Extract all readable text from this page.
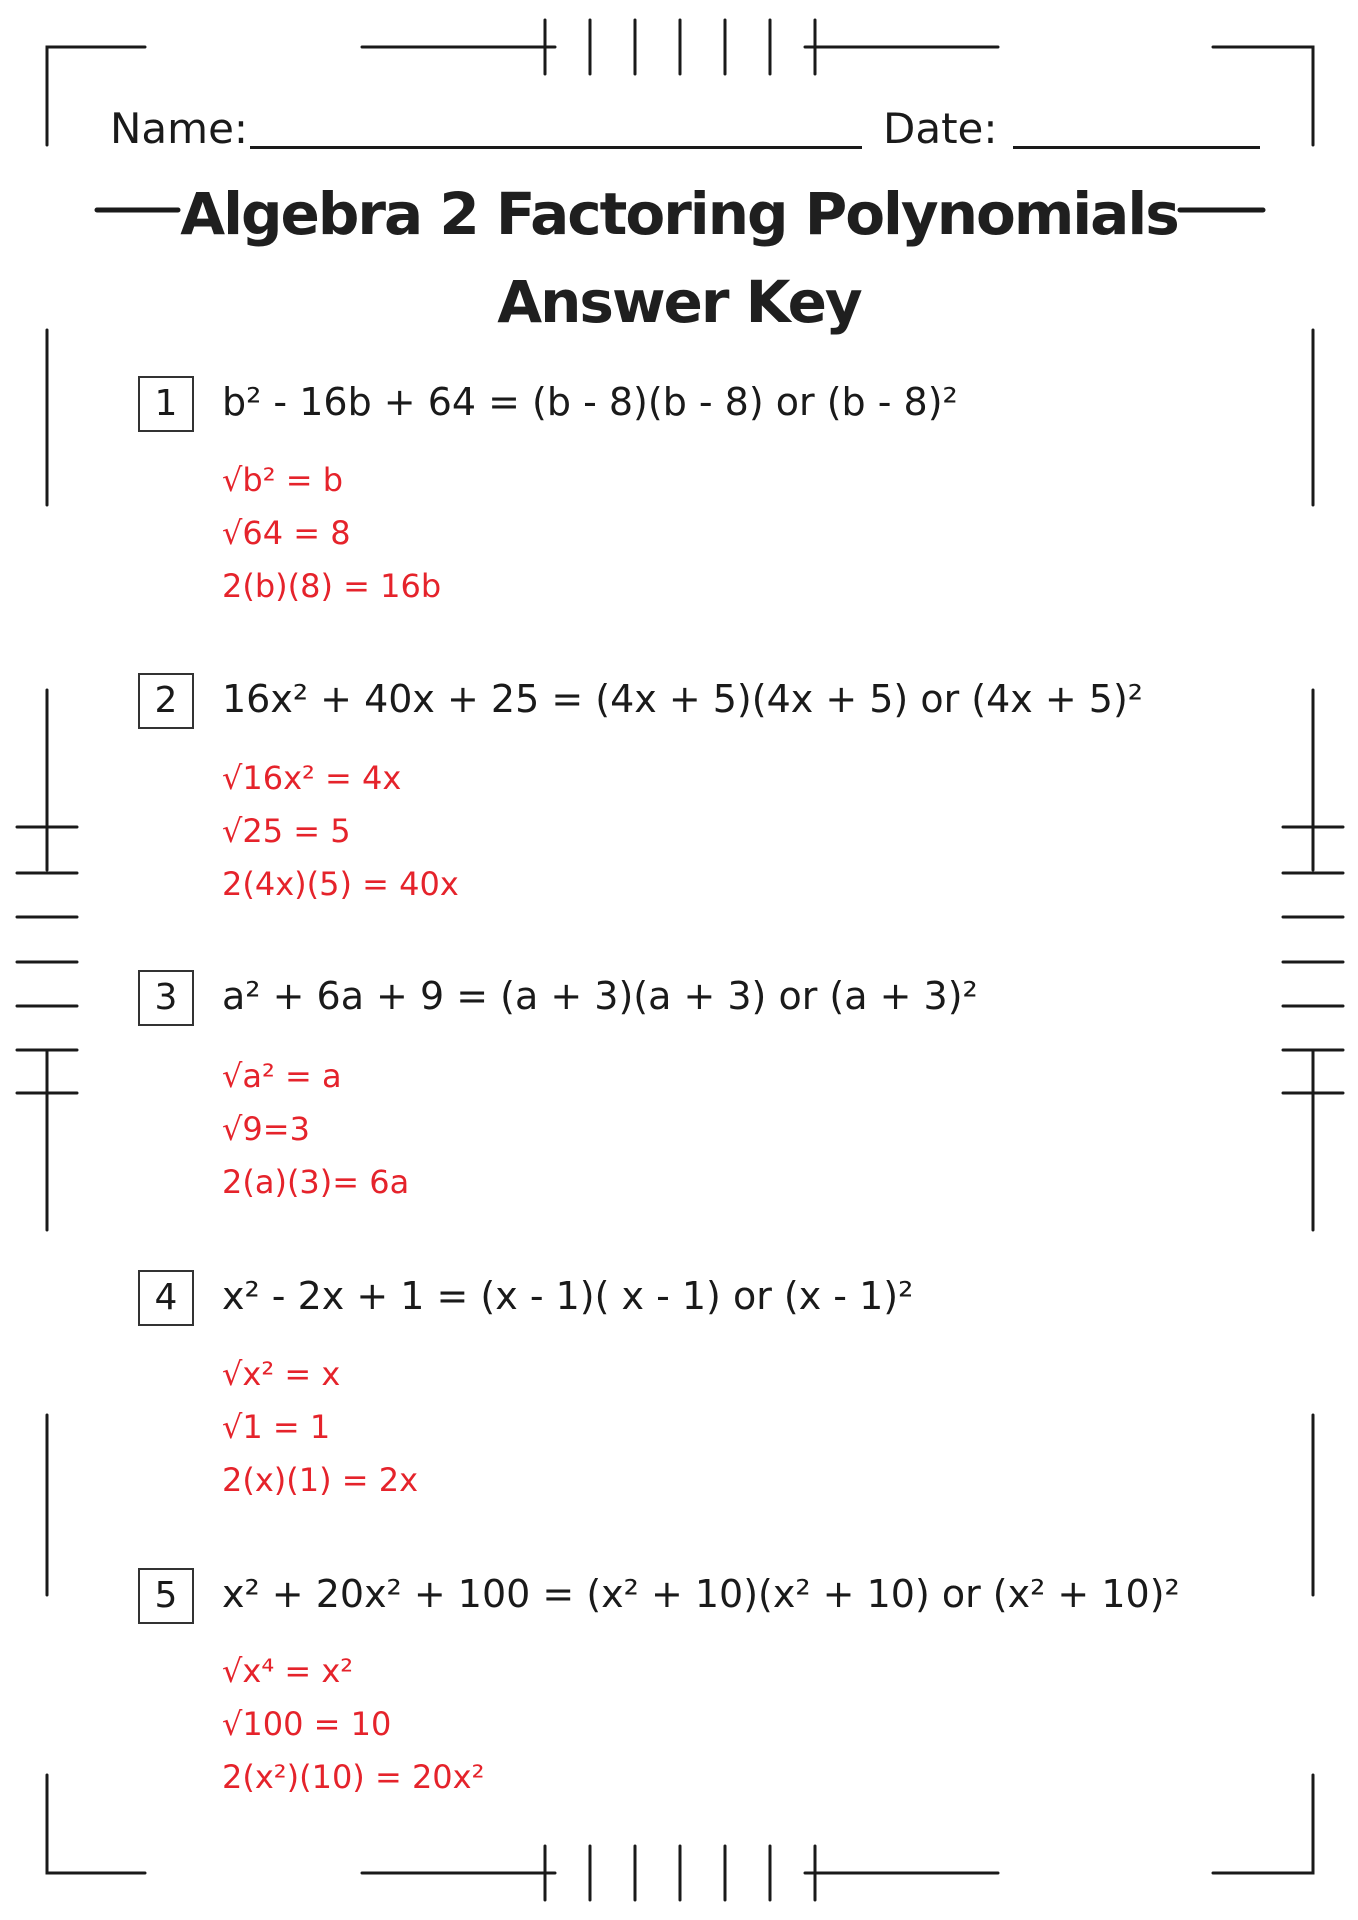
Name:	Date:
Algebra 2 Factoring Polynomials
Answer Key
1	b² - 16b + 64 = (b - 8)(b - 8) or (b - 8)²
√b² = b
√64 = 8
2(b)(8) = 16b
2	16x² + 40x + 25 = (4x + 5)(4x + 5) or (4x + 5)²
√16x² = 4x
√25 = 5
2(4x)(5) = 40x
3	a² + 6a + 9 = (a + 3)(a + 3) or (a + 3)²
√a² = a
√9=3
2(a)(3)= 6a
4	x² - 2x + 1 = (x - 1)( x - 1) or (x - 1)²
√x² = x
√1 = 1
2(x)(1) = 2x
5	x² + 20x² + 100 = (x² + 10)(x² + 10) or (x² + 10)²
√x⁴ = x²
√100 = 10
2(x²)(10) = 20x²
